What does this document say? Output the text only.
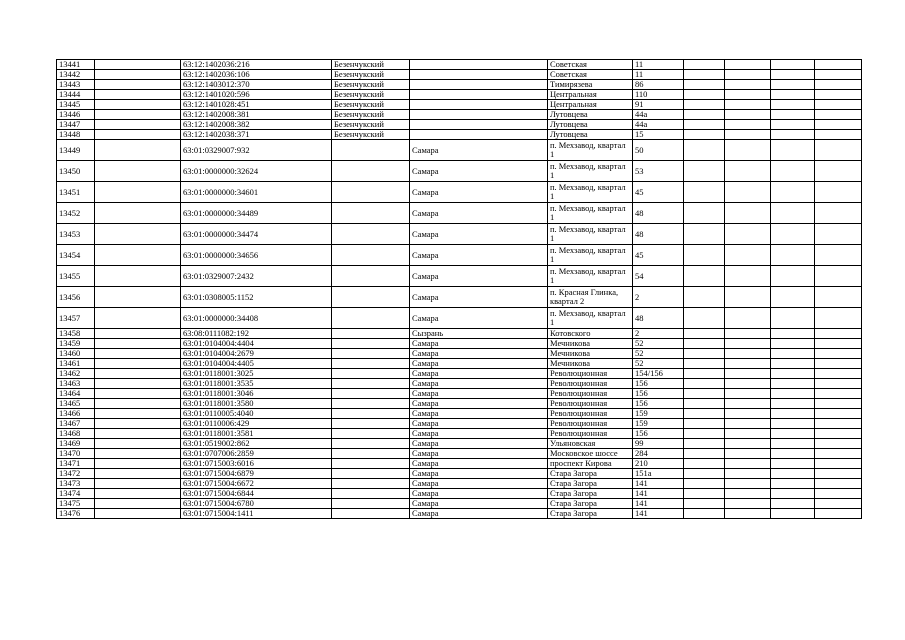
13441		63:12:1402036:216	Безенчукский		Советская	11				
13442		63:12:1402036:106	Безенчукский		Советская	11				
13443		63:12:1403012:370	Безенчукский		Тимирязева	86				
13444		63:12:1401020:596	Безенчукский		Центральная	110				
13445		63:12:1401028:451	Безенчукский		Центральная	91				
13446		63:12:1402008:381	Безенчукский		Лутовцева	44а				
13447		63:12:1402008:382	Безенчукский		Лутовцева	44а				
13448		63:12:1402038:371	Безенчукский		Лутовцева	15				
13449		63:01:0329007:932		Самара	п. Мехзавод, квартал 1	50				
13450		63:01:0000000:32624		Самара	п. Мехзавод, квартал 1	53				
13451		63:01:0000000:34601		Самара	п. Мехзавод, квартал 1	45				
13452		63:01:0000000:34489		Самара	п. Мехзавод, квартал 1	48				
13453		63:01:0000000:34474		Самара	п. Мехзавод, квартал 1	48				
13454		63:01:0000000:34656		Самара	п. Мехзавод, квартал 1	45				
13455		63:01:0329007:2432		Самара	п. Мехзавод, квартал 1	54				
13456		63:01:0308005:1152		Самара	п. Красная Глинка, квартал 2	2				
13457		63:01:0000000:34408		Самара	п. Мехзавод, квартал 1	48				
13458		63:08:0111082:192		Сызрань	Котовского	2				
13459		63:01:0104004:4404		Самара	Мечникова	52				
13460		63:01:0104004:2679		Самара	Мечникова	52				
13461		63:01:0104004:4405		Самара	Мечникова	52				
13462		63:01:0118001:3025		Самара	Революционная	154/156				
13463		63:01:0118001:3535		Самара	Революционная	156				
13464		63:01:0118001:3046		Самара	Революционная	156				
13465		63:01:0118001:3580		Самара	Революционная	156				
13466		63:01:0110005:4040		Самара	Революционная	159				
13467		63:01:0110006:429		Самара	Революционная	159				
13468		63:01:0118001:3581		Самара	Революционная	156				
13469		63:01:0519002:862		Самара	Ульяновская	99				
13470		63:01:0707006:2859		Самара	Московское шоссе	284				
13471		63:01:0715003:6016		Самара	проспект Кирова	210				
13472		63:01:0715004:6879		Самара	Стара Загора	151а				
13473		63:01:0715004:6672		Самара	Стара Загора	141				
13474		63:01:0715004:6844		Самара	Стара Загора	141				
13475		63:01:0715004:6780		Самара	Стара Загора	141				
13476		63:01:0715004:1411		Самара	Стара Загора	141				
